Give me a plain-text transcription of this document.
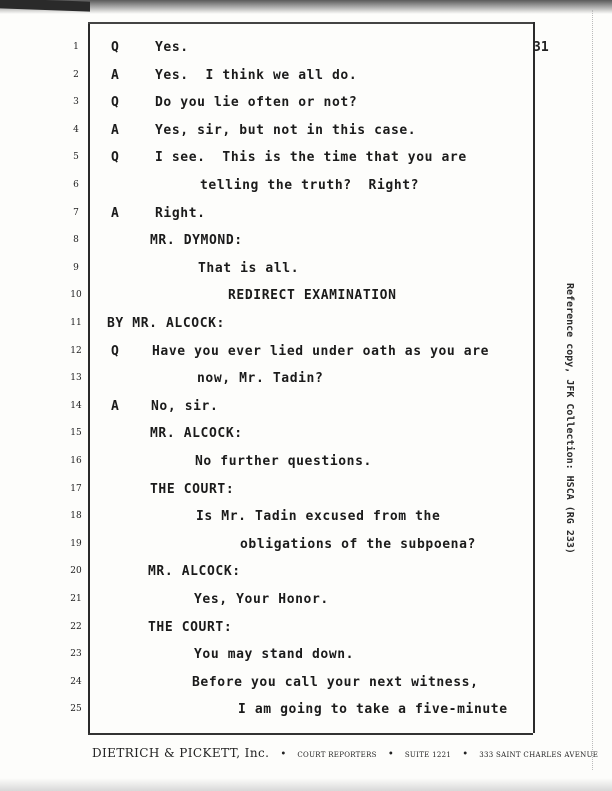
31
1	Q	Yes.
2	A	Yes.  I think we all do.
3	Q	Do you lie often or not?
4	A	Yes, sir, but not in this case.
5	Q	I see.  This is the time that you are
6	telling the truth?  Right?
7	A	Right.
8	MR. DYMOND:
9	That is all.
10	REDIRECT EXAMINATION
11	BY MR. ALCOCK:
12	Q	Have you ever lied under oath as you are
13	now, Mr. Tadin?
14	A No, sir.
15	MR. ALCOCK:
16	No further questions.
17	THE COURT:
18	Is Mr. Tadin excused from the
19	obligations of the subpoena?
20	MR. ALCOCK:
21	Yes, Your Honor.
22	THE COURT:
23	You may stand down.
24	Before you call your next witness,
25	I am going to take a five-minute
DIETRICH & PICKETT, Inc. • COURT REPORTERS • SUITE 1221 • 333 SAINT CHARLES AVENUE
Reference copy, JFK Collection: HSCA (RG 233)
